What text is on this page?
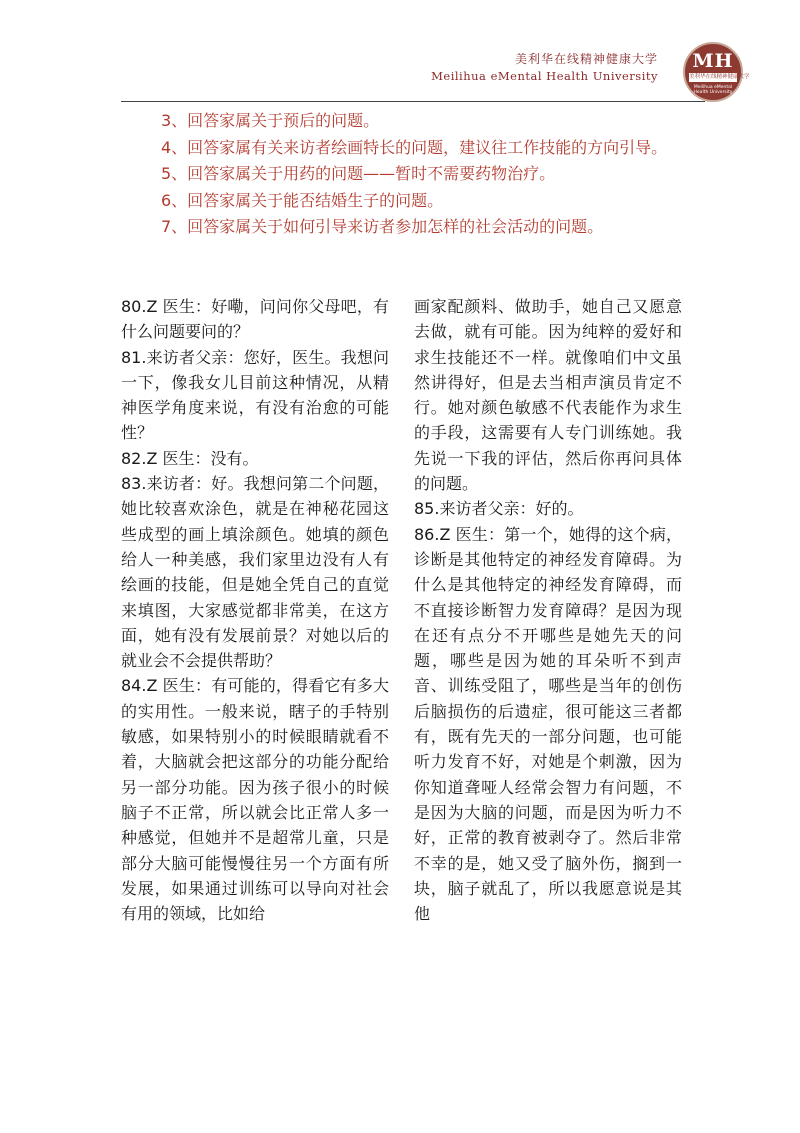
美利华在线精神健康大学
Meilihua eMental Health University
MH
美利华在线精神健康大学
Meilihua eMental Health University

3、回答家属关于预后的问题。

4、回答家属有关来访者绘画特长的问题，建议往工作技能的方向引导。

5、回答家属关于用药的问题——暂时不需要药物治疗。

6、回答家属关于能否结婚生子的问题。

7、回答家属关于如何引导来访者参加怎样的社会活动的问题。

80.Z 医生：好嘞，问问你父母吧，有什么问题要问的？

81.来访者父亲：您好，医生。我想问一下，像我女儿目前这种情况，从精神医学角度来说，有没有治愈的可能性？

82.Z 医生：没有。

83.来访者：好。我想问第二个问题，她比较喜欢涂色，就是在神秘花园这些成型的画上填涂颜色。她填的颜色给人一种美感，我们家里边没有人有绘画的技能，但是她全凭自己的直觉来填图，大家感觉都非常美，在这方面，她有没有发展前景？对她以后的就业会不会提供帮助？

84.Z 医生：有可能的，得看它有多大的实用性。一般来说，瞎子的手特别敏感，如果特别小的时候眼睛就看不着，大脑就会把这部分的功能分配给另一部分功能。因为孩子很小的时候脑子不正常，所以就会比正常人多一种感觉，但她并不是超常儿童，只是部分大脑可能慢慢往另一个方面有所发展，如果通过训练可以导向对社会有用的领域，比如给

画家配颜料、做助手，她自己又愿意去做，就有可能。因为纯粹的爱好和求生技能还不一样。就像咱们中文虽然讲得好，但是去当相声演员肯定不行。她对颜色敏感不代表能作为求生的手段，这需要有人专门训练她。我先说一下我的评估，然后你再问具体的问题。

85.来访者父亲：好的。

86.Z 医生：第一个，她得的这个病，诊断是其他特定的神经发育障碍。为什么是其他特定的神经发育障碍，而不直接诊断智力发育障碍？是因为现在还有点分不开哪些是她先天的问题，哪些是因为她的耳朵听不到声音、训练受阻了，哪些是当年的创伤后脑损伤的后遗症，很可能这三者都有，既有先天的一部分问题，也可能听力发育不好，对她是个刺激，因为你知道聋哑人经常会智力有问题，不是因为大脑的问题，而是因为听力不好，正常的教育被剥夺了。然后非常不幸的是，她又受了脑外伤，搁到一块，脑子就乱了，所以我愿意说是其他
